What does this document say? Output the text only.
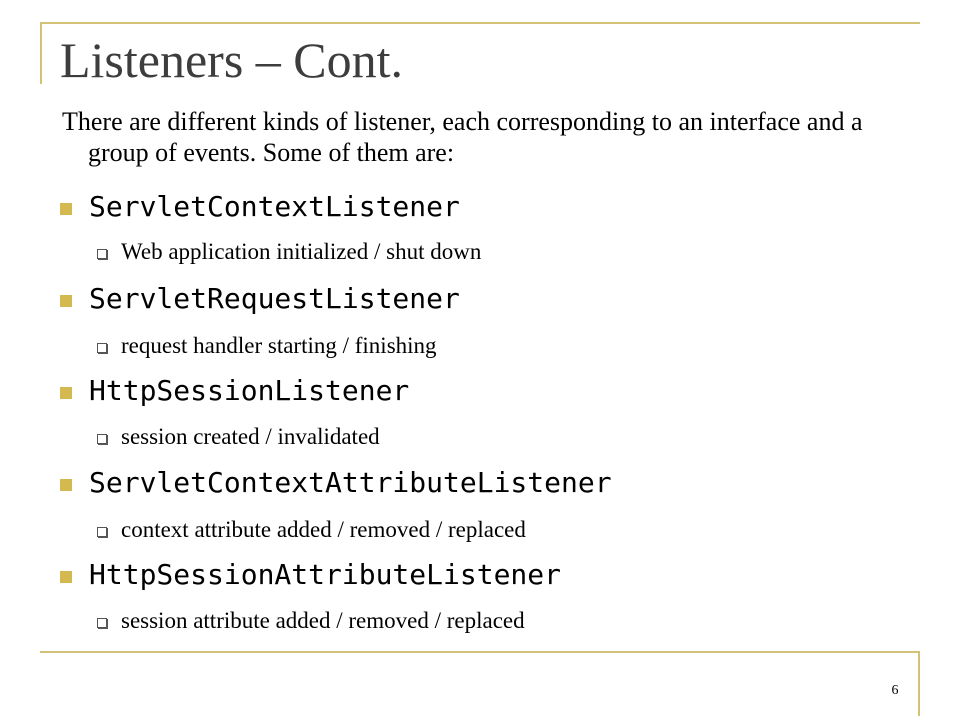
Listeners – Cont.

There are different kinds of listener, each corresponding to an interface and a group of events. Some of them are:

ServletContextListener
Web application initialized / shut down
ServletRequestListener
request handler starting / finishing
HttpSessionListener
session created / invalidated
ServletContextAttributeListener
context attribute added / removed / replaced
HttpSessionAttributeListener
session attribute added / removed / replaced
6
